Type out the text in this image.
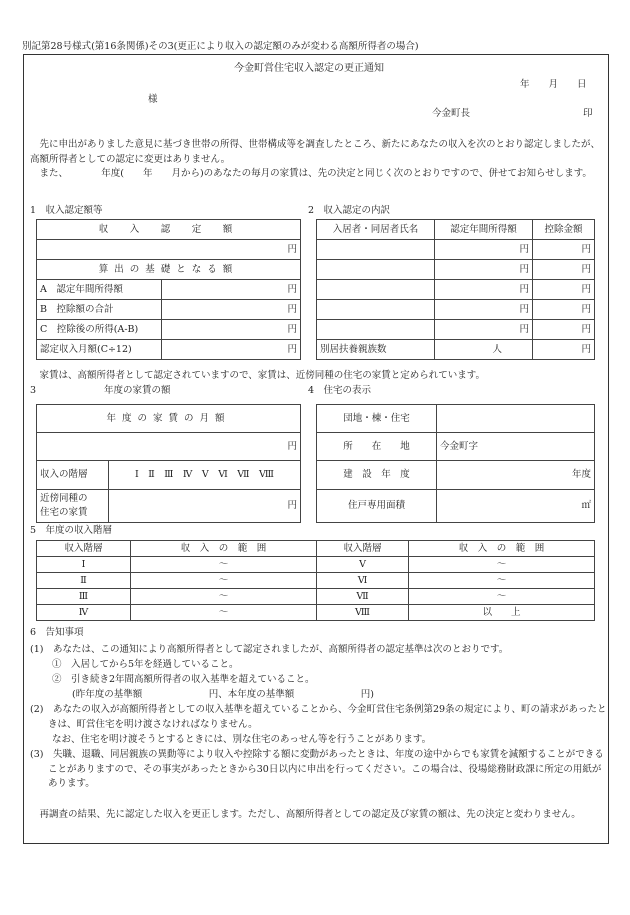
別記第28号様式(第16条関係)その3(更正により収入の認定額のみが変わる高額所得者の場合)
今金町営住宅収入認定の更正通知
年　　月　　日
様
今金町長	印
先に申出がありました意見に基づき世帯の所得、世帯構成等を調査したところ、新たにあなたの収入を次のとおり認定しましたが、高額所得者としての認定に変更はありません。
また、　　　　年度(　　年　　月から)のあなたの毎月の家賃は、先の決定と同じく次のとおりですので、併せてお知らせします。
1　収入認定額等
収　入　認　定　額	
円	
算出の基礎となる額	
A　認定年間所得額	円
B　控除額の合計	円
C　控除後の所得(A-B)	円
認定収入月額(C÷12)	円
2　収入認定の内訳
入居者・同居者氏名	認定年間所得額	控除金額
	円	円
	円	円
	円	円
	円	円
	円	円
別居扶養親族数	人	円
家賃は、高額所得者として認定されていますので、家賃は、近傍同種の住宅の家賃と定められています。
3	年度の家賃の額
年度の家賃の月額	
円	
収入の階層	Ⅰ　Ⅱ　Ⅲ　Ⅳ　Ⅴ　Ⅵ　Ⅶ　Ⅷ
近傍同種の
住宅の家賃	円
4　住宅の表示
団地・棟・住宅	
所　　在　　地	今金町字
建　設　年　度	年度
住戸専用面積	㎡
5　年度の収入階層
収入階層	収　入　の　範　囲	収入階層	収　入　の　範　囲
Ⅰ	～	Ⅴ	～
Ⅱ	～	Ⅵ	～
Ⅲ	～	Ⅶ	～
Ⅳ	～	Ⅷ	以　　上
6　告知事項
(1)　あなたは、この通知により高額所得者として認定されましたが、高額所得者の認定基準は次のとおりです。
①　入居してから5年を経過していること。
②　引き続き2年間高額所得者の収入基準を超えていること。
(昨年度の基準額　　　　　　　円、本年度の基準額　　　　　　　円)
(2)　あなたの収入が高額所得者としての収入基準を超えていることから、今金町営住宅条例第29条の規定により、町の請求があったときは、町営住宅を明け渡さなければなりません。
なお、住宅を明け渡そうとするときには、別な住宅のあっせん等を行うことがあります。
(3)　失職、退職、同居親族の異動等により収入や控除する額に変動があったときは、年度の途中からでも家賃を減額することができることがありますので、その事実があったときから30日以内に申出を行ってください。この場合は、役場総務財政課に所定の用紙があります。
再調査の結果、先に認定した収入を更正します。ただし、高額所得者としての認定及び家賃の額は、先の決定と変わりません。
